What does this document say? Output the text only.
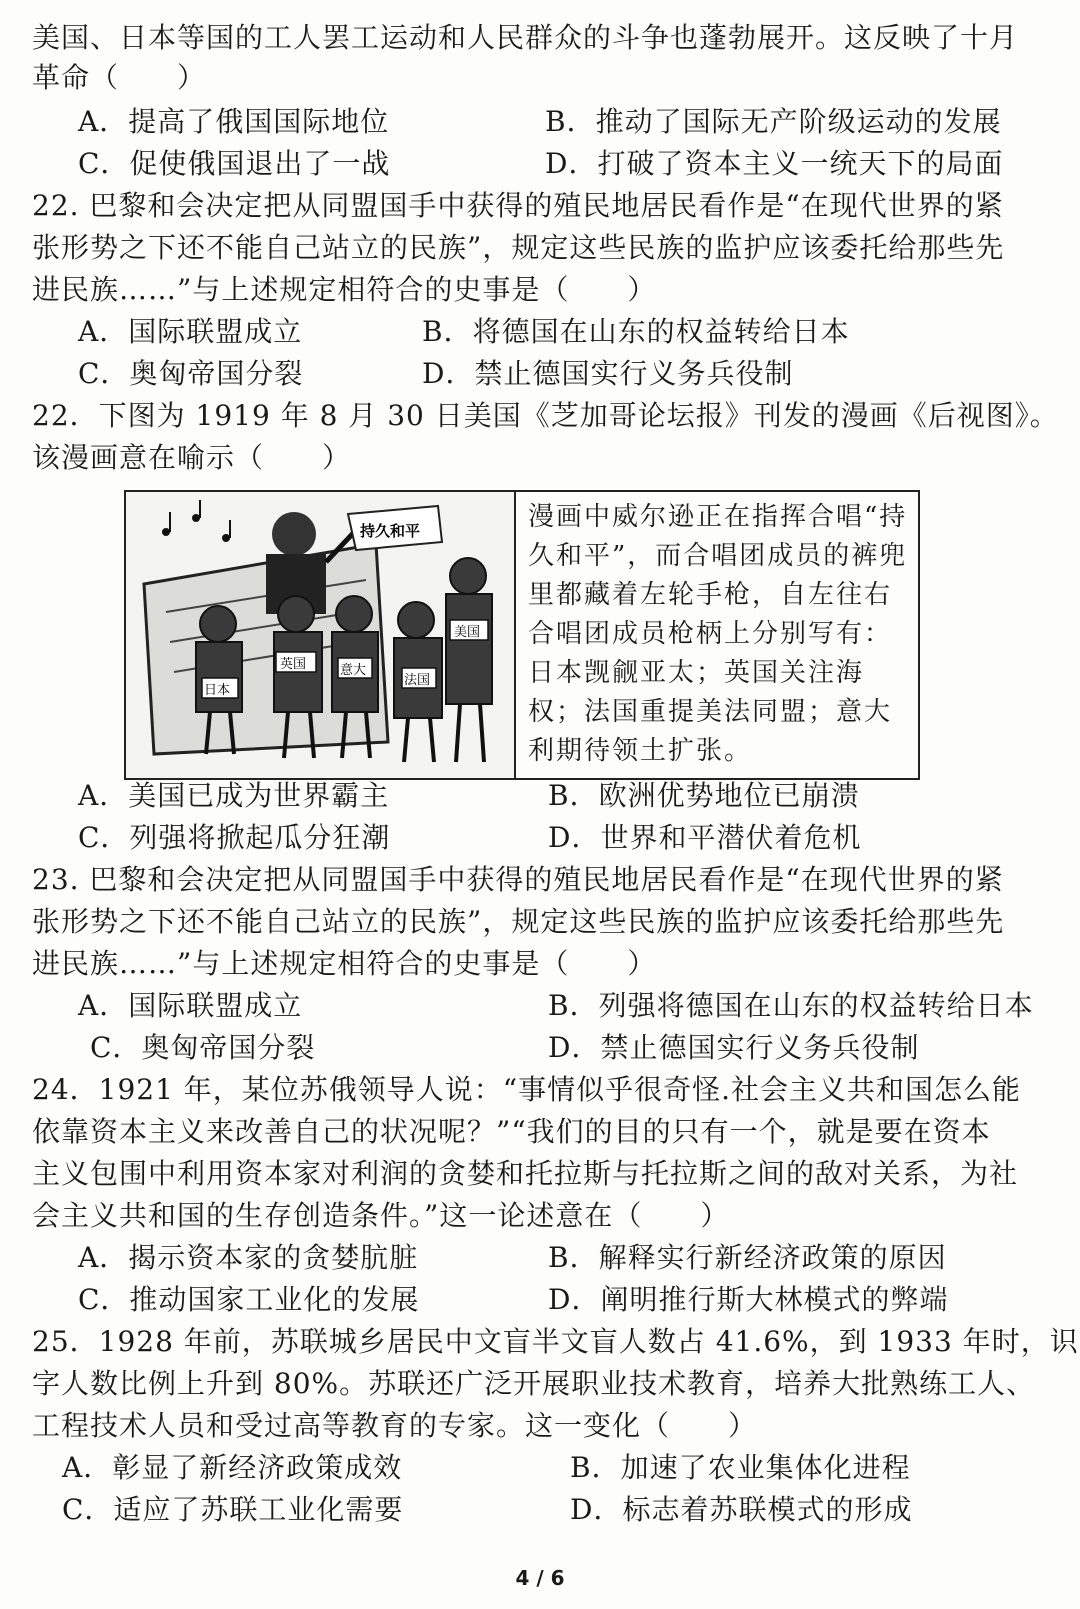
美国、日本等国的工人罢工运动和人民群众的斗争也蓬勃展开。这反映了十月
革命（　　）
A．提高了俄国国际地位	B．推动了国际无产阶级运动的发展
C．促使俄国退出了一战	D．打破了资本主义一统天下的局面
22. 巴黎和会决定把从同盟国手中获得的殖民地居民看作是“在现代世界的紧
张形势之下还不能自己站立的民族”，规定这些民族的监护应该委托给那些先
进民族……”与上述规定相符合的史事是（　　）
A．国际联盟成立	B．将德国在山东的权益转给日本
C．奥匈帝国分裂	D．禁止德国实行义务兵役制
22．下图为 1919 年 8 月 30 日美国《芝加哥论坛报》刊发的漫画《后视图》。
该漫画意在喻示（　　）
持久和平
日本
英国	意大
法国
美国
漫画中威尔逊正在指挥合唱“持久和平”，而合唱团成员的裤兜里都藏着左轮手枪，自左往右合唱团成员枪柄上分别写有：日本觊觎亚太；英国关注海权；法国重提美法同盟；意大利期待领土扩张。
A．美国已成为世界霸主	B．欧洲优势地位已崩溃
C．列强将掀起瓜分狂潮	D．世界和平潜伏着危机
23. 巴黎和会决定把从同盟国手中获得的殖民地居民看作是“在现代世界的紧
张形势之下还不能自己站立的民族”，规定这些民族的监护应该委托给那些先
进民族……”与上述规定相符合的史事是（　　）
A．国际联盟成立	B．列强将德国在山东的权益转给日本
C．奥匈帝国分裂	D．禁止德国实行义务兵役制
24．1921 年，某位苏俄领导人说：“事情似乎很奇怪.社会主义共和国怎么能
依靠资本主义来改善自己的状况呢？”“我们的目的只有一个，就是要在资本
主义包围中利用资本家对利润的贪婪和托拉斯与托拉斯之间的敌对关系，为社
会主义共和国的生存创造条件。”这一论述意在（　　）
A．揭示资本家的贪婪肮脏	B．解释实行新经济政策的原因
C．推动国家工业化的发展	D．阐明推行斯大林模式的弊端
25．1928 年前，苏联城乡居民中文盲半文盲人数占 41.6%，到 1933 年时，识
字人数比例上升到 80%。苏联还广泛开展职业技术教育，培养大批熟练工人、
工程技术人员和受过高等教育的专家。这一变化（　　）
A．彰显了新经济政策成效	B．加速了农业集体化进程
C．适应了苏联工业化需要	D．标志着苏联模式的形成
4 / 6
